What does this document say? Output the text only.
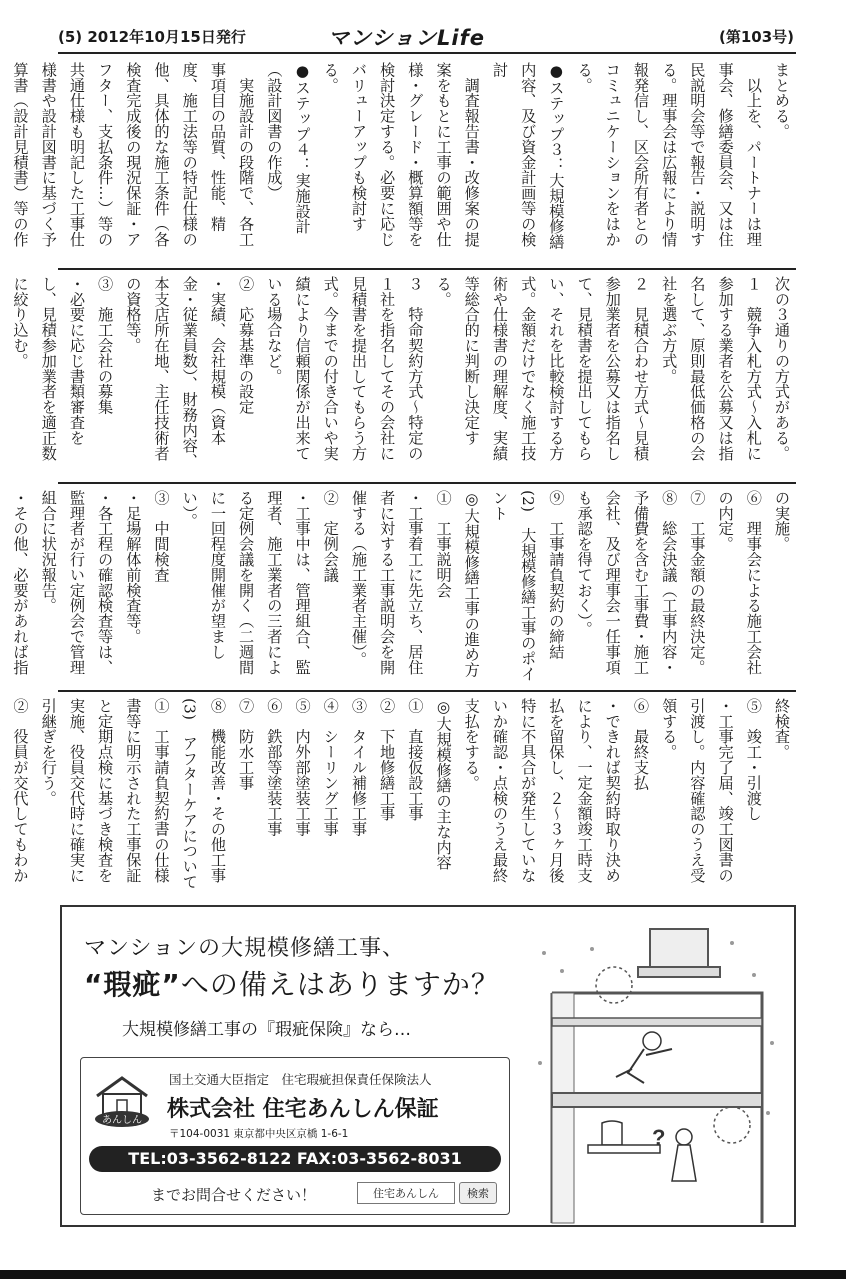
(5) 2012年10月15日発行	マンションLife	(第103号)

まとめる。

　以上を、パートナーは理

事会、修繕委員会、又は住

民説明会等で報告・説明す

る。理事会は広報により情

報発信し、区会所有者との

コミュニケーションをはかる。

●ステップ３：大規模修繕

内容、及び資金計画等の検

討

　調査報告書・改修案の提

案をもとに工事の範囲や仕

様・グレード・概算額等を

検討決定する。必要に応じ

バリューアップも検討す

る。

●ステップ４：実施設計

（設計図書の作成）

　実施設計の段階で、各工

事項目の品質、性能、精

度、施工法等の特記仕様の

他、具体的な施工条件（各

検査完成後の現況保証・ア

フター、支払条件…）等の

共通仕様も明記した工事仕

様書や設計図書に基づく予

算書（設計見積書）等の作

次の３通りの方式がある。

１　競争入札方式～入札に

参加する業者を公募又は指

名して、原則最低価格の会

社を選ぶ方式。

２　見積合わせ方式～見積

参加業者を公募又は指名し

て、見積書を提出してもら

い、それを比較検討する方

式。金額だけでなく施工技

術や仕様書の理解度、実績

等総合的に判断し決定す

る。

３　特命契約方式～特定の

１社を指名してその会社に

見積書を提出してもらう方

式。今までの付き合いや実

績により信頼関係が出来て

いる場合など。

②　応募基準の設定

・実績、会社規模（資本

金・従業員数）、財務内容、

本支店所在地、主任技術者

の資格等。

③　施工会社の募集

・必要に応じ書類審査を

し、見積参加業者を適正数

に絞り込む。

の実施。

⑥　理事会による施工会社

の内定。

⑦　工事金額の最終決定。

⑧　総会決議（工事内容・

予備費を含む工事費・施工

会社、及び理事会一任事項

も承認を得ておく）。

⑨　工事請負契約の締結

(2)　大規模修繕工事のポイ

ント

◎大規模修繕工事の進め方

①　工事説明会

・工事着工に先立ち、居住

者に対する工事説明会を開

催する（施工業者主催）。

②　定例会議

・工事中は、管理組合、監

理者、施工業者の三者によ

る定例会議を開く（二週間

に一回程度開催が望ましい）。

③　中間検査

・足場解体前検査等。

・各工程の確認検査等は、

監理者が行い定例会で管理

組合に状況報告。

・その他、必要があれば指

終検査。

⑤　竣工・引渡し

・工事完了届、竣工図書の

引渡し。内容確認のうえ受

領する。

⑥　最終支払

・できれば契約時取り決め

により、一定金額竣工時支

払を留保し、２～３ヶ月後

特に不具合が発生していな

いか確認・点検のうえ最終

支払をする。

◎大規模修繕の主な内容

①　直接仮設工事

②　下地修繕工事

③　タイル補修工事

④　シーリング工事

⑤　内外部塗装工事

⑥　鉄部等塗装工事

⑦　防水工事

⑧　機能改善・その他工事

(3)　アフターケアについて

①　工事請負契約書の仕様

書等に明示された工事保証

と定期点検に基づき検査を

実施、役員交代時に確実に

引継ぎを行う。

②　役員が交代してもわか

マンションの大規模修繕工事、
“瑕疵”への備えはありますか？
大規模修繕工事の『瑕疵保険』なら…
あんしん
国土交通大臣指定　住宅瑕疵担保責任保険法人
株式会社 住宅あんしん保証
〒104-0031 東京都中央区京橋 1-6-1
TEL:03-3562-8122 FAX:03-3562-8031
までお問合せください！	住宅あんしん	検索
?
